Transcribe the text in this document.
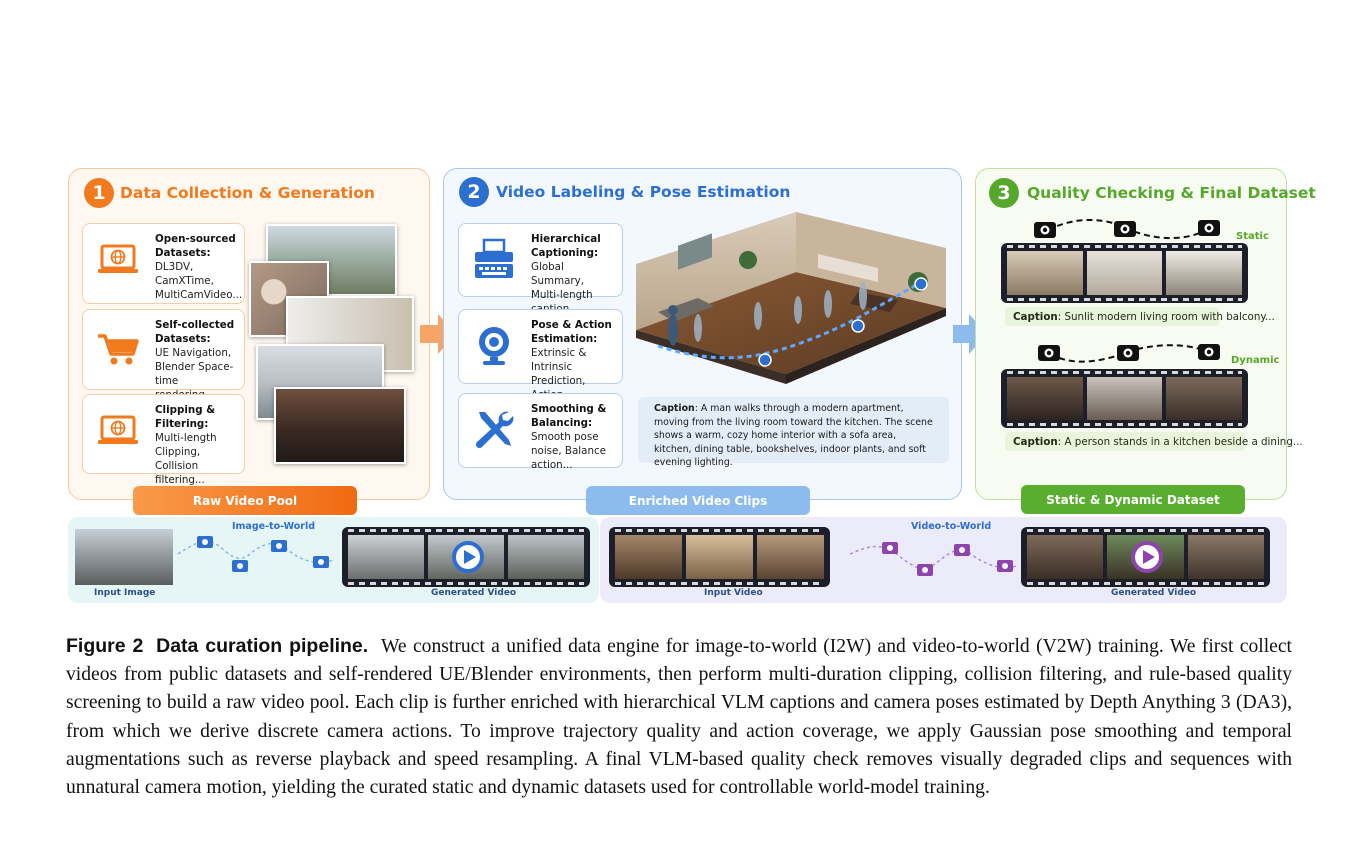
1 Data Collection & Generation
Open-sourced Datasets:
DL3DV, CamXTime, MultiCamVideo...
Self-collected Datasets:
UE Navigation, Blender Space-time
Clipping & Filtering:
Multi-length Clipping, Collision filtering...
Raw Video Pool
2 Video Labeling & Pose Estimation
Hierarchical Captioning:
Global Summary, Multi-length
Pose & Action Estimation:
Extrinsic & Intrinsic Prediction,
Smoothing & Balancing:
Smooth pose noise, Balance action...
Caption: A man walks through a modern apartment, moving from the living room toward the kitchen. The scene shows a warm, cozy home interior with a sofa area, kitchen, dining table, bookshelves, indoor plants, and soft evening lighting.
Enriched Video Clips
3	Quality Checking & Final Dataset
Static
Caption : Sunlit modern living room with balcony...
Dynamic
Caption : A person stands in a kitchen beside a dining...
Static & Dynamic Dataset
Image-to-World
Input Image	Generated Video
Video-to-World
Input Video	Generated Video
Figure 2 Data curation pipeline. We construct a unified data engine for image-to-world (I2W) and video-to-world (V2W) training. We first collect videos from public datasets and self-rendered UE/Blender environments, then perform multi-duration clipping, collision filtering, and rule-based quality screening to build a raw video pool. Each clip is further enriched with hierarchical VLM captions and camera poses estimated by Depth Anything 3 (DA3), from which we derive discrete camera actions. To improve trajectory quality and action coverage, we apply Gaussian pose smoothing and temporal augmentations such as reverse playback and speed resampling. A final VLM-based quality check removes visually degraded clips and sequences with unnatural camera motion, yielding the curated static and dynamic datasets used for controllable world-model training.
